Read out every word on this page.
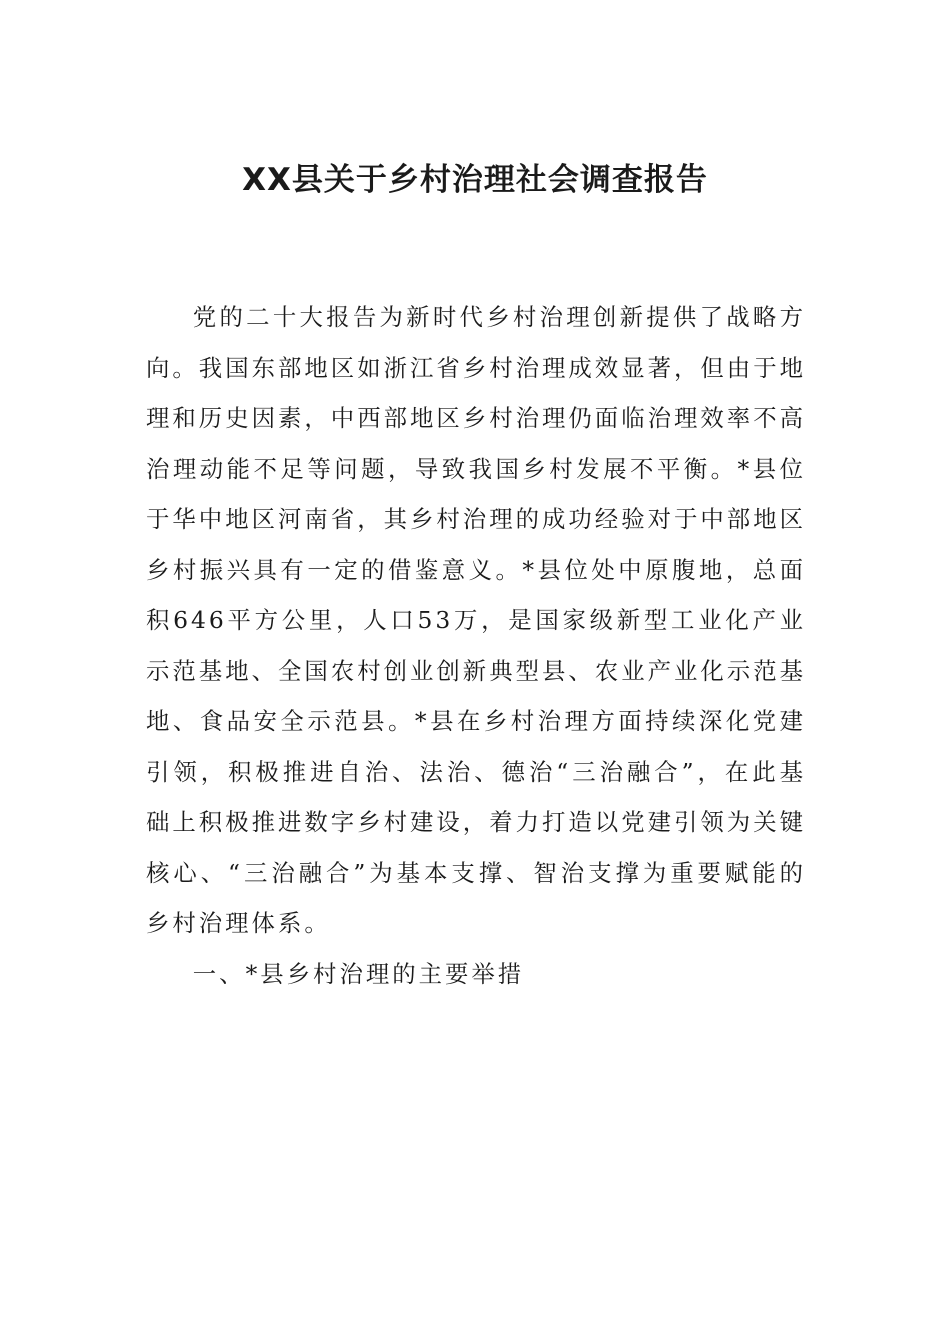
XX县关于乡村治理社会调查报告

党的二十大报告为新时代乡村治理创新提供了战略方向。我国东部地区如浙江省乡村治理成效显著，但由于地理和历史因素，中西部地区乡村治理仍面临治理效率不高治理动能不足等问题，导致我国乡村发展不平衡。*县位于华中地区河南省，其乡村治理的成功经验对于中部地区乡村振兴具有一定的借鉴意义。*县位处中原腹地，总面积646平方公里，人口53万，是国家级新型工业化产业示范基地、全国农村创业创新典型县、农业产业化示范基地、食品安全示范县。*县在乡村治理方面持续深化党建引领，积极推进自治、法治、德治“三治融合”，在此基础上积极推进数字乡村建设，着力打造以党建引领为关键核心、“三治融合”为基本支撑、智治支撑为重要赋能的乡村治理体系。

一、*县乡村治理的主要举措
